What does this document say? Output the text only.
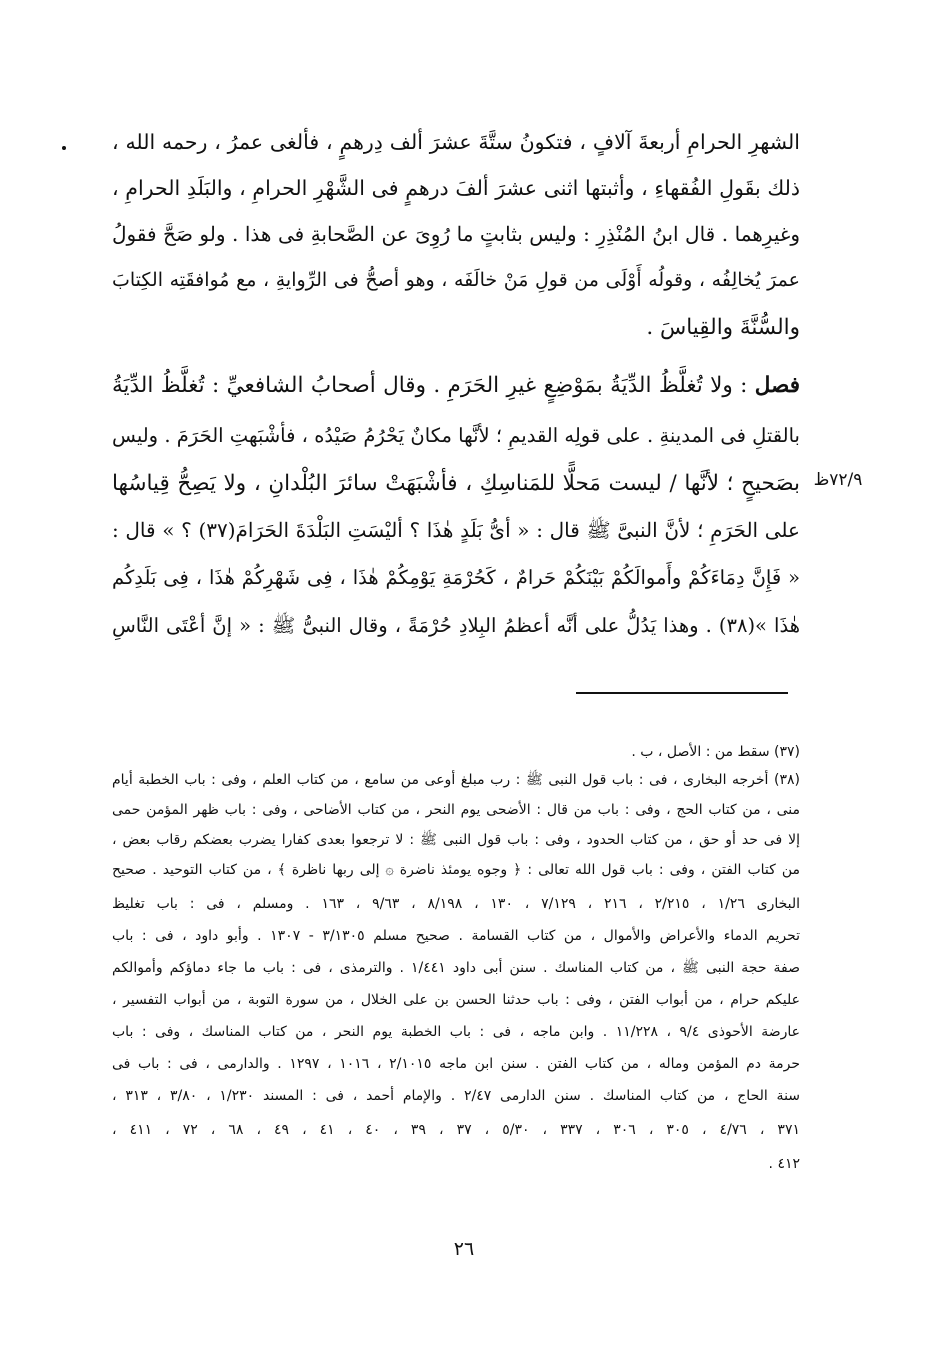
الشهرِ الحرامِ أربعةَ آلافٍ ، فتكونُ ستَّةَ عشرَ ألف دِرهمٍ ، فألغى عمرُ ، رحمه الله ،
ذلك بقَولِ الفُقهاءِ ، وأثبتها اثنى عشرَ ألفَ درهمٍ فى الشَّهْرِ الحرامِ ، والبَلَدِ الحرامِ ،
وغيرِهما . قال ابنُ المُنْذِرِ : وليس بثابتٍ ما رُوِىَ عن الصَّحابةِ فى هذا . ولو صَحَّ فقولُ
عمرَ يُخالِفُه ، وقولُه أَوْلَى من قولِ مَنْ خالَفَه ، وهو أصحُّ فى الرِّوايةِ ، مع مُوافقَتِه الكِتابَ
والسُّنَّةَ والقِياسَ .
فصل : ولا تُغلَّظُ الدِّيَةُ بمَوْضِعٍ غيرِ الحَرَمِ . وقال أصحابُ الشافعيِّ : تُغلَّظُ الدِّيَةُ
بالقتلِ فى المدينةِ . على قولِه القديمِ ؛ لأنَّها مكانٌ يَحْرُمُ صَيْدُه ، فأشْبَهتِ الحَرَمَ . وليس
بصَحيحٍ ؛ لأنَّها / ليست مَحلًّا للمَناسِكِ ، فأشْبَهَتْ سائرَ البُلْدانِ ، ولا يَصِحُّ قِياسُها
على الحَرَمِ ؛ لأنَّ النبىَّ ﷺ قال : « أىُّ بَلَدٍ هٰذَا ؟ أليْسَتِ البَلْدَةَ الحَرَامَ(٣٧) ؟ » قال :
« فَإِنَّ دِمَاءَكُمْ وأَموالَكُمْ بَيْنَكُمْ حَرامٌ ، كَحُرْمَةِ يَوْمِكُمْ هٰذَا ، فِى شَهْرِكُمْ هٰذَا ، فِى بَلَدِكُم
هٰذَا »(٣٨) . وهذا يَدُلُّ على أنَّه أعظمُ البِلادِ حُرْمَةً ، وقال النبىُّ ﷺ : « إنَّ أعْتَى النَّاسِ
٧٢/٩ظ
(٣٧) سقط من : الأصل ، ب .
(٣٨) أخرجه البخارى ، فى : باب قول النبى ﷺ : رب مبلغ أوعى من سامع ، من كتاب العلم ، وفى : باب الخطبة أيام
منى ، من كتاب الحج ، وفى : باب من قال : الأضحى يوم النحر ، من كتاب الأضاحى ، وفى : باب ظهر المؤمن حمى
إلا فى حد أو حق ، من كتاب الحدود ، وفى : باب قول النبى ﷺ : لا ترجعوا بعدى كفارا يضرب بعضكم رقاب بعض ،
من كتاب الفتن ، وفى : باب قول الله تعالى : ﴿ وجوه يومئذ ناضرة ۞ إلى ربها ناظرة ﴾ ، من كتاب التوحيد . صحيح
البخارى ١/٢٦ ، ٢/٢١٥ ، ٢١٦ ، ٧/١٢٩ ، ١٣٠ ، ٨/١٩٨ ، ٩/٦٣ ، ١٦٣ . ومسلم ، فى : باب تغليظ
تحريم الدماء والأعراض والأموال ، من كتاب القسامة . صحيح مسلم ٣/١٣٠٥ - ١٣٠٧ . وأبو داود ، فى : باب
صفة حجة النبى ﷺ ، من كتاب المناسك . سنن أبى داود ١/٤٤١ . والترمذى ، فى : باب ما جاء دماؤكم وأموالكم
عليكم حرام ، من أبواب الفتن ، وفى : باب حدثنا الحسن بن على الخلال ، من سورة التوبة ، من أبواب التفسير ،
عارضة الأحوذى ٩/٤ ، ١١/٢٢٨ . وابن ماجه ، فى : باب الخطبة يوم النحر ، من كتاب المناسك ، وفى : باب
حرمة دم المؤمن وماله ، من كتاب الفتن . سنن ابن ماجه ٢/١٠١٥ ، ١٠١٦ ، ١٢٩٧ . والدارمى ، فى : باب فى
سنة الحاج ، من كتاب المناسك . سنن الدارمى ٢/٤٧ . والإمام أحمد ، فى : المسند ١/٢٣٠ ، ٣/٨٠ ، ٣١٣ ،
٣٧١ ، ٤/٧٦ ، ٣٠٥ ، ٣٠٦ ، ٣٣٧ ، ٥/٣٠ ، ٣٧ ، ٣٩ ، ٤٠ ، ٤١ ، ٤٩ ، ٦٨ ، ٧٢ ، ٤١١ ،
٤١٢ .
٢٦
